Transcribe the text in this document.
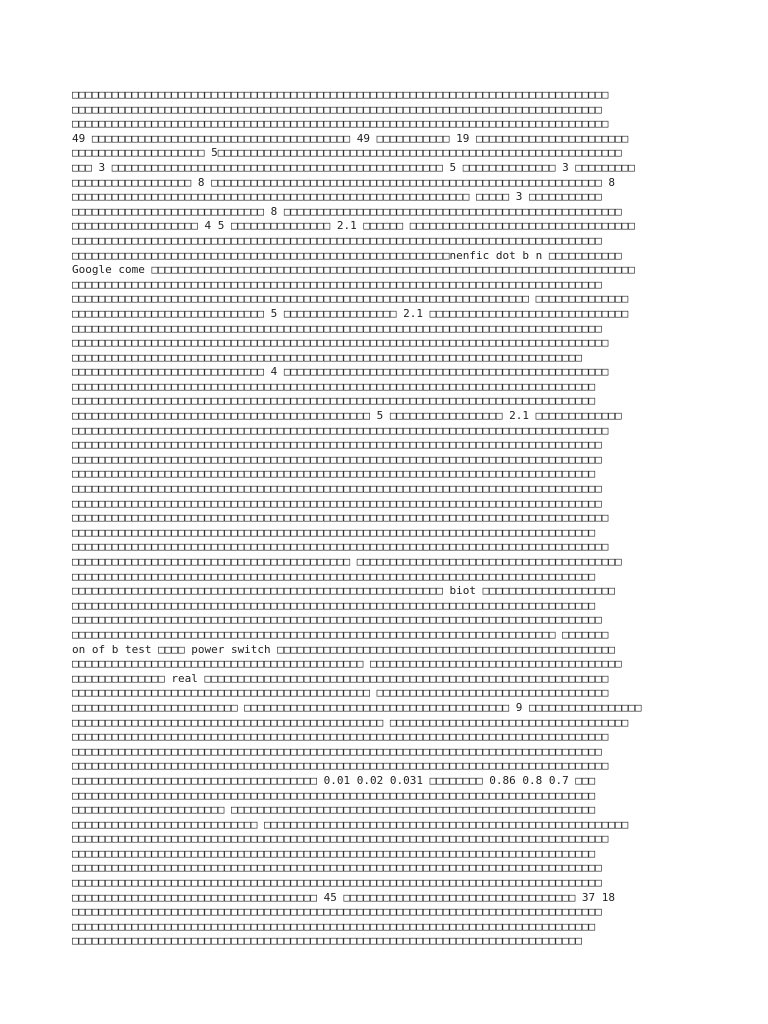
□□□□□□□□□□□□□□□□□□□□□□□□□□□□□□□□□□□□□□□□□□□□□□□□□□□□□□□□□□□□□□□□□□□□□□□□□□□□□□□□□
□□□□□□□□□□□□□□□□□□□□□□□□□□□□□□□□□□□□□□□□□□□□□□□□□□□□□□□□□□□□□□□□□□□□□□□□□□□□□□□□
□□□□□□□□□□□□□□□□□□□□□□□□□□□□□□□□□□□□□□□□□□□□□□□□□□□□□□□□□□□□□□□□□□□□□□□□□□□□□□□□□
49 □□□□□□□□□□□□□□□□□□□□□□□□□□□□□□□□□□□□□□□ 49 □□□□□□□□□□□ 19 □□□□□□□□□□□□□□□□□□□□□□□
□□□□□□□□□□□□□□□□□□□□ 5□□□□□□□□□□□□□□□□□□□□□□□□□□□□□□□□□□□□□□□□□□□□□□□□□□□□□□□□□□□□□
□□□ 3 □□□□□□□□□□□□□□□□□□□□□□□□□□□□□□□□□□□□□□□□□□□□□□□□□□ 5 □□□□□□□□□□□□□□ 3 □□□□□□□□□
□□□□□□□□□□□□□□□□□□ 8 □□□□□□□□□□□□□□□□□□□□□□□□□□□□□□□□□□□□□□□□□□□□□□□□□□□□□□□□□□□ 8
□□□□□□□□□□□□□□□□□□□□□□□□□□□□□□□□□□□□□□□□□□□□□□□□□□□□□□□□□□□□ □□□□□ 3 □□□□□□□□□□□
□□□□□□□□□□□□□□□□□□□□□□□□□□□□□ 8 □□□□□□□□□□□□□□□□□□□□□□□□□□□□□□□□□□□□□□□□□□□□□□□□□□□
□□□□□□□□□□□□□□□□□□□ 4 5 □□□□□□□□□□□□□□□ 2.1 □□□□□□ □□□□□□□□□□□□□□□□□□□□□□□□□□□□□□□□□□
□□□□□□□□□□□□□□□□□□□□□□□□□□□□□□□□□□□□□□□□□□□□□□□□□□□□□□□□□□□□□□□□□□□□□□□□□□□□□□□□
□□□□□□□□□□□□□□□□□□□□□□□□□□□□□□□□□□□□□□□□□□□□□□□□□□□□□□□□□nenfic dot b n □□□□□□□□□□□
Google come □□□□□□□□□□□□□□□□□□□□□□□□□□□□□□□□□□□□□□□□□□□□□□□□□□□□□□□□□□□□□□□□□□□□□□□□□
□□□□□□□□□□□□□□□□□□□□□□□□□□□□□□□□□□□□□□□□□□□□□□□□□□□□□□□□□□□□□□□□□□□□□□□□□□□□□□□□
□□□□□□□□□□□□□□□□□□□□□□□□□□□□□□□□□□□□□□□□□□□□□□□□□□□□□□□□□□□□□□□□□□□□□ □□□□□□□□□□□□□□
□□□□□□□□□□□□□□□□□□□□□□□□□□□□□ 5 □□□□□□□□□□□□□□□□□ 2.1 □□□□□□□□□□□□□□□□□□□□□□□□□□□□□□
□□□□□□□□□□□□□□□□□□□□□□□□□□□□□□□□□□□□□□□□□□□□□□□□□□□□□□□□□□□□□□□□□□□□□□□□□□□□□□□□
□□□□□□□□□□□□□□□□□□□□□□□□□□□□□□□□□□□□□□□□□□□□□□□□□□□□□□□□□□□□□□□□□□□□□□□□□□□□□□□□□
□□□□□□□□□□□□□□□□□□□□□□□□□□□□□□□□□□□□□□□□□□□□□□□□□□□□□□□□□□□□□□□□□□□□□□□□□□□□□
□□□□□□□□□□□□□□□□□□□□□□□□□□□□□ 4 □□□□□□□□□□□□□□□□□□□□□□□□□□□□□□□□□□□□□□□□□□□□□□□□□
□□□□□□□□□□□□□□□□□□□□□□□□□□□□□□□□□□□□□□□□□□□□□□□□□□□□□□□□□□□□□□□□□□□□□□□□□□□□□□□
□□□□□□□□□□□□□□□□□□□□□□□□□□□□□□□□□□□□□□□□□□□□□□□□□□□□□□□□□□□□□□□□□□□□□□□□□□□□□□□
□□□□□□□□□□□□□□□□□□□□□□□□□□□□□□□□□□□□□□□□□□□□□ 5 □□□□□□□□□□□□□□□□□ 2.1 □□□□□□□□□□□□□
□□□□□□□□□□□□□□□□□□□□□□□□□□□□□□□□□□□□□□□□□□□□□□□□□□□□□□□□□□□□□□□□□□□□□□□□□□□□□□□□□
□□□□□□□□□□□□□□□□□□□□□□□□□□□□□□□□□□□□□□□□□□□□□□□□□□□□□□□□□□□□□□□□□□□□□□□□□□□□□□□□
□□□□□□□□□□□□□□□□□□□□□□□□□□□□□□□□□□□□□□□□□□□□□□□□□□□□□□□□□□□□□□□□□□□□□□□□□□□□□□□□
□□□□□□□□□□□□□□□□□□□□□□□□□□□□□□□□□□□□□□□□□□□□□□□□□□□□□□□□□□□□□□□□□□□□□□□□□□□□□□□
□□□□□□□□□□□□□□□□□□□□□□□□□□□□□□□□□□□□□□□□□□□□□□□□□□□□□□□□□□□□□□□□□□□□□□□□□□□□□□□□
□□□□□□□□□□□□□□□□□□□□□□□□□□□□□□□□□□□□□□□□□□□□□□□□□□□□□□□□□□□□□□□□□□□□□□□□□□□□□□□□
□□□□□□□□□□□□□□□□□□□□□□□□□□□□□□□□□□□□□□□□□□□□□□□□□□□□□□□□□□□□□□□□□□□□□□□□□□□□□□□□□
□□□□□□□□□□□□□□□□□□□□□□□□□□□□□□□□□□□□□□□□□□□□□□□□□□□□□□□□□□□□□□□□□□□□□□□□□□□□□□□
□□□□□□□□□□□□□□□□□□□□□□□□□□□□□□□□□□□□□□□□□□□□□□□□□□□□□□□□□□□□□□□□□□□□□□□□□□□□□□□□□
□□□□□□□□□□□□□□□□□□□□□□□□□□□□□□□□□□□□□□□□□□ □□□□□□□□□□□□□□□□□□□□□□□□□□□□□□□□□□□□□□□□
□□□□□□□□□□□□□□□□□□□□□□□□□□□□□□□□□□□□□□□□□□□□□□□□□□□□□□□□□□□□□□□□□□□□□□□□□□□□□□□
□□□□□□□□□□□□□□□□□□□□□□□□□□□□□□□□□□□□□□□□□□□□□□□□□□□□□□□□ biot □□□□□□□□□□□□□□□□□□□□
□□□□□□□□□□□□□□□□□□□□□□□□□□□□□□□□□□□□□□□□□□□□□□□□□□□□□□□□□□□□□□□□□□□□□□□□□□□□□□□
□□□□□□□□□□□□□□□□□□□□□□□□□□□□□□□□□□□□□□□□□□□□□□□□□□□□□□□□□□□□□□□□□□□□□□□□□□□□□□□□
□□□□□□□□□□□□□□□□□□□□□□□□□□□□□□□□□□□□□□□□□□□□□□□□□□□□□□□□□□□□□□□□□□□□□□□□□ □□□□□□□
on of b test □□□□ power switch □□□□□□□□□□□□□□□□□□□□□□□□□□□□□□□□□□□□□□□□□□□□□□□□□□□
□□□□□□□□□□□□□□□□□□□□□□□□□□□□□□□□□□□□□□□□□□□□ □□□□□□□□□□□□□□□□□□□□□□□□□□□□□□□□□□□□□□
□□□□□□□□□□□□□□ real □□□□□□□□□□□□□□□□□□□□□□□□□□□□□□□□□□□□□□□□□□□□□□□□□□□□□□□□□□□□□
□□□□□□□□□□□□□□□□□□□□□□□□□□□□□□□□□□□□□□□□□□□□□ □□□□□□□□□□□□□□□□□□□□□□□□□□□□□□□□□□□
□□□□□□□□□□□□□□□□□□□□□□□□□ □□□□□□□□□□□□□□□□□□□□□□□□□□□□□□□□□□□□□□□□ 9 □□□□□□□□□□□□□□□□□
□□□□□□□□□□□□□□□□□□□□□□□□□□□□□□□□□□□□□□□□□□□□□□□ □□□□□□□□□□□□□□□□□□□□□□□□□□□□□□□□□□□□
□□□□□□□□□□□□□□□□□□□□□□□□□□□□□□□□□□□□□□□□□□□□□□□□□□□□□□□□□□□□□□□□□□□□□□□□□□□□□□□□□
□□□□□□□□□□□□□□□□□□□□□□□□□□□□□□□□□□□□□□□□□□□□□□□□□□□□□□□□□□□□□□□□□□□□□□□□□□□□□□□□
□□□□□□□□□□□□□□□□□□□□□□□□□□□□□□□□□□□□□□□□□□□□□□□□□□□□□□□□□□□□□□□□□□□□□□□□□□□□□□□□□
□□□□□□□□□□□□□□□□□□□□□□□□□□□□□□□□□□□□□ 0.01 0.02 0.031 □□□□□□□□ 0.86 0.8 0.7 □□□
□□□□□□□□□□□□□□□□□□□□□□□□□□□□□□□□□□□□□□□□□□□□□□□□□□□□□□□□□□□□□□□□□□□□□□□□□□□□□□□
□□□□□□□□□□□□□□□□□□□□□□□ □□□□□□□□□□□□□□□□□□□□□□□□□□□□□□□□□□□□□□□□□□□□□□□□□□□□□□□
□□□□□□□□□□□□□□□□□□□□□□□□□□□□ □□□□□□□□□□□□□□□□□□□□□□□□□□□□□□□□□□□□□□□□□□□□□□□□□□□□□□□
□□□□□□□□□□□□□□□□□□□□□□□□□□□□□□□□□□□□□□□□□□□□□□□□□□□□□□□□□□□□□□□□□□□□□□□□□□□□□□□□□
□□□□□□□□□□□□□□□□□□□□□□□□□□□□□□□□□□□□□□□□□□□□□□□□□□□□□□□□□□□□□□□□□□□□□□□□□□□□□□□
□□□□□□□□□□□□□□□□□□□□□□□□□□□□□□□□□□□□□□□□□□□□□□□□□□□□□□□□□□□□□□□□□□□□□□□□□□□□□□□□
□□□□□□□□□□□□□□□□□□□□□□□□□□□□□□□□□□□□□□□□□□□□□□□□□□□□□□□□□□□□□□□□□□□□□□□□□□□□□□□□
□□□□□□□□□□□□□□□□□□□□□□□□□□□□□□□□□□□□□ 45 □□□□□□□□□□□□□□□□□□□□□□□□□□□□□□□□□□□ 37 18
□□□□□□□□□□□□□□□□□□□□□□□□□□□□□□□□□□□□□□□□□□□□□□□□□□□□□□□□□□□□□□□□□□□□□□□□□□□□□□□□
□□□□□□□□□□□□□□□□□□□□□□□□□□□□□□□□□□□□□□□□□□□□□□□□□□□□□□□□□□□□□□□□□□□□□□□□□□□□□□□
□□□□□□□□□□□□□□□□□□□□□□□□□□□□□□□□□□□□□□□□□□□□□□□□□□□□□□□□□□□□□□□□□□□□□□□□□□□□□
